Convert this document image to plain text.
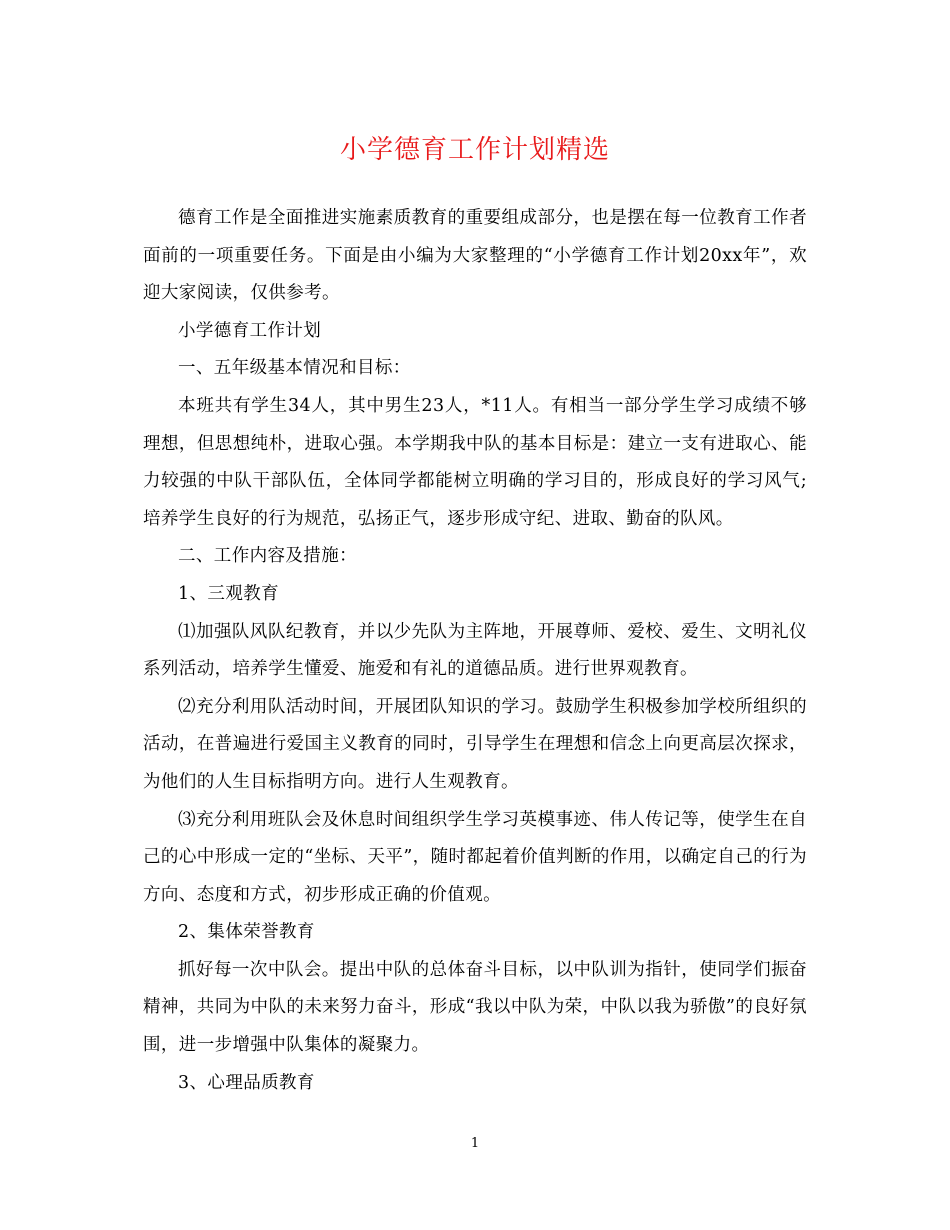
小学德育工作计划精选

德育工作是全面推进实施素质教育的重要组成部分，也是摆在每一位教育工作者面前的一项重要任务。下面是由小编为大家整理的“小学德育工作计划20xx年”，欢迎大家阅读，仅供参考。

小学德育工作计划

一、五年级基本情况和目标：

本班共有学生34人，其中男生23人，*11人。有相当一部分学生学习成绩不够理想，但思想纯朴，进取心强。本学期我中队的基本目标是：建立一支有进取心、能力较强的中队干部队伍，全体同学都能树立明确的学习目的，形成良好的学习风气;培养学生良好的行为规范，弘扬正气，逐步形成守纪、进取、勤奋的队风。

二、工作内容及措施：

1、三观教育

⑴加强队风队纪教育，并以少先队为主阵地，开展尊师、爱校、爱生、文明礼仪系列活动，培养学生懂爱、施爱和有礼的道德品质。进行世界观教育。

⑵充分利用队活动时间，开展团队知识的学习。鼓励学生积极参加学校所组织的活动，在普遍进行爱国主义教育的同时，引导学生在理想和信念上向更高层次探求，为他们的人生目标指明方向。进行人生观教育。

⑶充分利用班队会及休息时间组织学生学习英模事迹、伟人传记等，使学生在自己的心中形成一定的“坐标、天平”，随时都起着价值判断的作用，以确定自己的行为方向、态度和方式，初步形成正确的价值观。

2、集体荣誉教育

抓好每一次中队会。提出中队的总体奋斗目标，以中队训为指针，使同学们振奋精神，共同为中队的未来努力奋斗，形成“我以中队为荣，中队以我为骄傲”的良好氛围，进一步增强中队集体的凝聚力。

3、心理品质教育

1
